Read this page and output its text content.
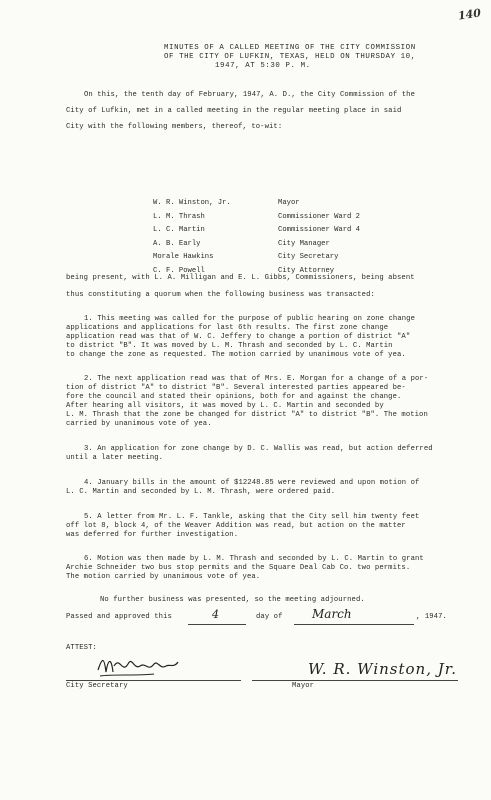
140
MINUTES OF A CALLED MEETING OF THE CITY COMMISSION
OF THE CITY OF LUFKIN, TEXAS, HELD ON THURSDAY 10,
1947, AT 5:30 P. M.
On this, the tenth day of February, 1947, A. D., the City Commission of the
City of Lufkin, met in a called meeting in the regular meeting place in said
City with the following members, thereof, to-wit:
W. R. Winston, Jr.	Mayor
L. M. Thrash	Commissioner Ward 2
L. C. Martin	Commissioner Ward 4
A. B. Early	City Manager
Morale Hawkins	City Secretary
C. F. Powell	City Attorney
being present, with L. A. Milligan and E. L. Gibbs, Commissioners, being absent
thus constituting a quorum when the following business was transacted:
1. This meeting was called for the purpose of public hearing on zone change
applications and applications for last 6th results. The first zone change
application read was that of W. C. Jeffery to change a portion of district "A"
to district "B". It was moved by L. M. Thrash and seconded by L. C. Martin
to change the zone as requested. The motion carried by unanimous vote of yea.
2. The next application read was that of Mrs. E. Morgan for a change of a por-
tion of district "A" to district "B". Several interested parties appeared be-
fore the council and stated their opinions, both for and against the change.
After hearing all visitors, it was moved by L. C. Martin and seconded by
L. M. Thrash that the zone be changed for district "A" to district "B". The motion
carried by unanimous vote of yea.
3. An application for zone change by D. C. Wallis was read, but action deferred
until a later meeting.
4. January bills in the amount of $12248.85 were reviewed and upon motion of
L. C. Martin and seconded by L. M. Thrash, were ordered paid.
5. A letter from Mr. L. F. Tankle, asking that the City sell him twenty feet
off lot 8, block 4, of the Weaver Addition was read, but action on the matter
was deferred for further investigation.
6. Motion was then made by L. M. Thrash and seconded by L. C. Martin to grant
Archie Schneider two bus stop permits and the Square Deal Cab Co. two permits.
The motion carried by unanimous vote of yea.
No further business was presented, so the meeting adjourned.
Passed and approved this	4	day of March	, 1947.
ATTEST:
City Secretary
W. R. Winston, Jr.
Mayor
